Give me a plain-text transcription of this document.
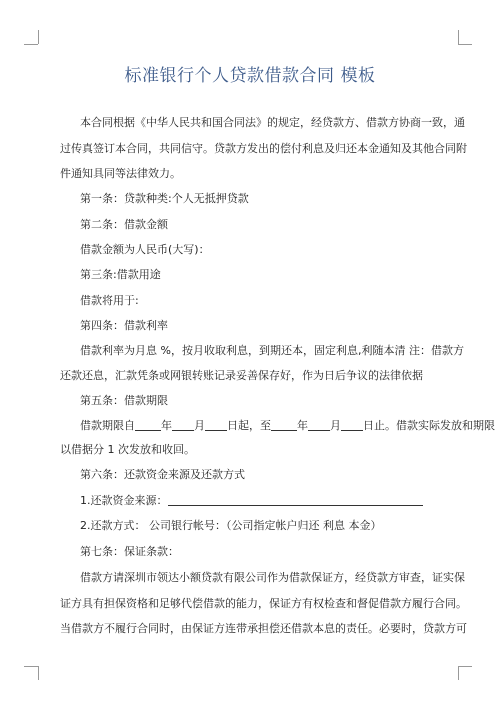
标准银行个人贷款借款合同 模板
本合同根据《中华人民共和国合同法》的规定，经贷款方、借款方协商一致，通
过传真签订本合同，共同信守。贷款方发出的偿付利息及归还本金通知及其他合同附
件通知具同等法律效力。
第一条：贷款种类:个人无抵押贷款
第二条：借款金额
借款金额为人民币(大写)：
第三条:借款用途
借款将用于:
第四条：借款利率
借款利率为月息 %，按月收取利息，到期还本，固定利息,利随本清 注：借款方
还款还息，汇款凭条或网银转账记录妥善保存好，作为日后争议的法律依据
第五条：借款期限
借款期限自 年 月 日起，至 年 月 日止。借款实际发放和期限
以借据分 1 次发放和收回。
第六条：还款资金来源及还款方式
1.还款资金来源：
2.还款方式： 公司银行帐号：（公司指定帐户归还 利息 本金）
第七条：保证条款：
借款方请深圳市领达小额贷款有限公司作为借款保证方，经贷款方审查，证实保
证方具有担保资格和足够代偿借款的能力，保证方有权检查和督促借款方履行合同。
当借款方不履行合同时，由保证方连带承担偿还借款本息的责任。必要时，贷款方可
